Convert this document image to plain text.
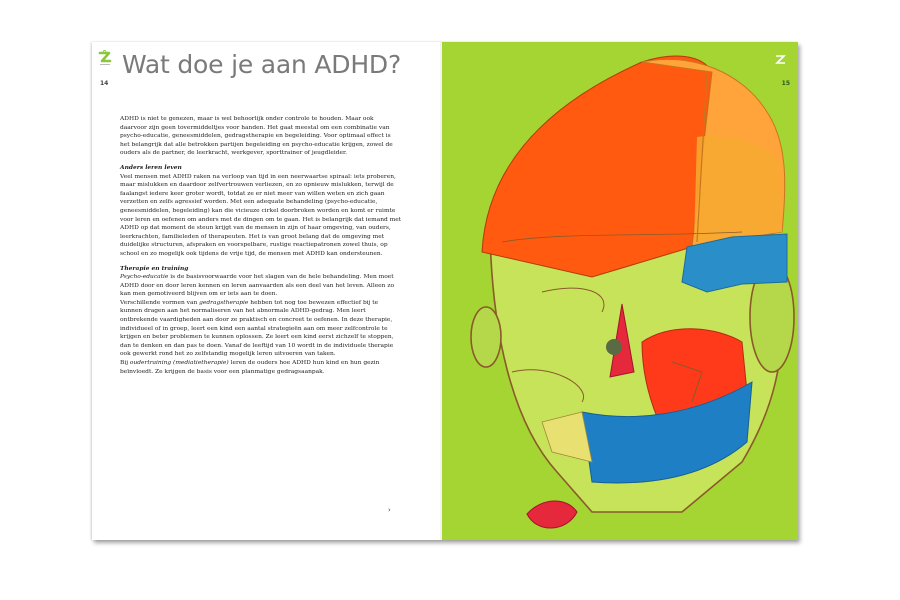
14
Wat doe je aan ADHD?

ADHD is niet te genezen, maar is wel behoorlijk onder controle te houden. Maar ook daarvoor zijn geen tovermiddeltjes voor handen. Het gaat meestal om een combinatie van psycho-educatie, geneesmiddelen, gedragstherapie en begeleiding. Voor optimaal effect is het belangrijk dat alle betrokken partijen begeleiding en psycho-educatie krijgen, zowel de ouders als de partner, de leerkracht, werkgever, sporttrainer of jeugdleider.

Anders leren leven

Veel mensen met ADHD raken na verloop van tijd in een neerwaartse spiraal: iets proberen, maar mislukken en daardoor zelfvertrouwen verliezen, en zo opnieuw mislukken, terwijl de faalangst iedere keer groter wordt, totdat ze er niet meer van willen weten en zich gaan verzetten en zelfs agressief worden. Met een adequate behandeling (psycho-educatie, geneesmiddelen, begeleiding) kan die vicieuze cirkel doorbroken worden en komt er ruimte voor leren en oefenen om anders met de dingen om te gaan. Het is belangrijk dat iemand met ADHD op dat moment de steun krijgt van de mensen in zijn of haar omgeving, van ouders, leerkrachten, familieleden of therapeuten. Het is van groot belang dat de omgeving met duidelijke structuren, afspraken en voorspelbare, rustige reactiepatronen zowel thuis, op school en zo mogelijk ook tijdens de vrije tijd, de mensen met ADHD kan ondersteunen.

Therapie en training

Psycho-educatie is de basisvoorwaarde voor het slagen van de hele behandeling. Men moet ADHD door en door leren kennen en leren aanvaarden als een deel van het leven. Alleen zo kan men gemotiveerd blijven om er iets aan te doen.

Verschillende vormen van gedragstherapie hebben tot nog toe bewezen effectief bij te kunnen dragen aan het normaliseren van het abnormale ADHD-gedrag. Men leert ontbrekende vaardigheden aan door ze praktisch en concreet te oefenen. In deze therapie, individueel of in groep, leert een kind een aantal strategieën aan om meer zelfcontrole te krijgen en beter problemen te kunnen oplossen. Ze leert een kind eerst zichzelf te stoppen, dan te denken en dan pas te doen. Vanaf de leeftijd van 10 wordt in de individuele therapie ook gewerkt rond het zo zelfstandig mogelijk leren uitvoeren van taken.

Bij oudertraining (mediatietherapie) leren de ouders hoe ADHD hun kind en hun gezin beïnvloedt. Ze krijgen de basis voor een planmatige gedragsaanpak.

›
15
